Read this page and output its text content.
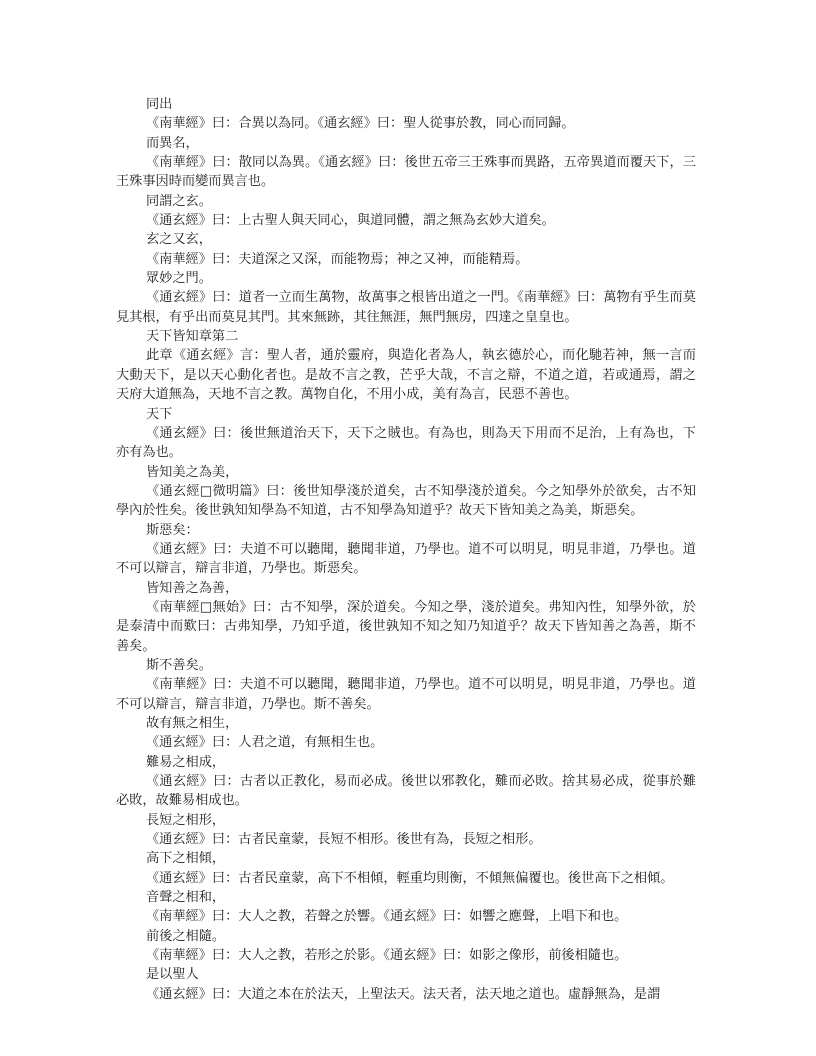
同出
《南華經》曰：合異以為同。《通玄經》曰：聖人從事於教，同心而同歸。
而異名，
《南華經》曰：散同以為異。《通玄經》曰：後世五帝三王殊事而異路，五帝異道而覆天下，三王殊事因時而變而異言也。
同謂之玄。
《通玄經》曰：上古聖人與天同心，與道同體，謂之無為玄妙大道矣。
玄之又玄，
《南華經》曰：夫道深之又深，而能物焉；神之又神，而能精焉。
眾妙之門。
《通玄經》曰：道者一立而生萬物，故萬事之根皆出道之一門。《南華經》曰：萬物有乎生而莫見其根，有乎出而莫見其門。其來無跡，其往無涯，無門無房，四達之皇皇也。
天下皆知章第二
此章《通玄經》言：聖人者，通於靈府，與造化者為人，執玄德於心，而化馳若神，無一言而大動天下，是以天心動化者也。是故不言之教，芒乎大哉，不言之辯，不道之道，若或通焉，謂之天府大道無為，天地不言之教。萬物自化，不用小成，美有為言，民惡不善也。
天下
《通玄經》曰：後世無道治天下，天下之賊也。有為也，則為天下用而不足治，上有為也，下亦有為也。
皆知美之為美，
《通玄經□微明篇》曰：後世知學淺於道矣，古不知學淺於道矣。今之知學外於欲矣，古不知學內於性矣。後世孰知知學為不知道，古不知學為知道乎？故天下皆知美之為美，斯惡矣。
斯惡矣：
《通玄經》曰：夫道不可以聽聞，聽聞非道，乃學也。道不可以明見，明見非道，乃學也。道不可以辯言，辯言非道，乃學也。斯惡矣。
皆知善之為善，
《南華經□無始》曰：古不知學，深於道矣。今知之學，淺於道矣。弗知內性，知學外欲，於是泰清中而歎曰：古弗知學，乃知乎道，後世孰知不知之知乃知道乎？故天下皆知善之為善，斯不善矣。
斯不善矣。
《南華經》曰：夫道不可以聽聞，聽聞非道，乃學也。道不可以明見，明見非道，乃學也。道不可以辯言，辯言非道，乃學也。斯不善矣。
故有無之相生，
《通玄經》曰：人君之道，有無相生也。
難易之相成，
《通玄經》曰：古者以正教化，易而必成。後世以邪教化，難而必敗。捨其易必成，從事於難必敗，故難易相成也。
長短之相形，
《通玄經》曰：古者民童蒙，長短不相形。後世有為，長短之相形。
高下之相傾，
《通玄經》曰：古者民童蒙，高下不相傾，輕重均則衡，不傾無偏覆也。後世高下之相傾。
音聲之相和，
《南華經》曰：大人之教，若聲之於響。《通玄經》曰：如響之應聲，上唱下和也。
前後之相隨。
《南華經》曰：大人之教，若形之於影。《通玄經》曰：如影之像形，前後相隨也。
是以聖人
《通玄經》曰：大道之本在於法天，上聖法天。法天者，法天地之道也。虛靜無為，是謂
